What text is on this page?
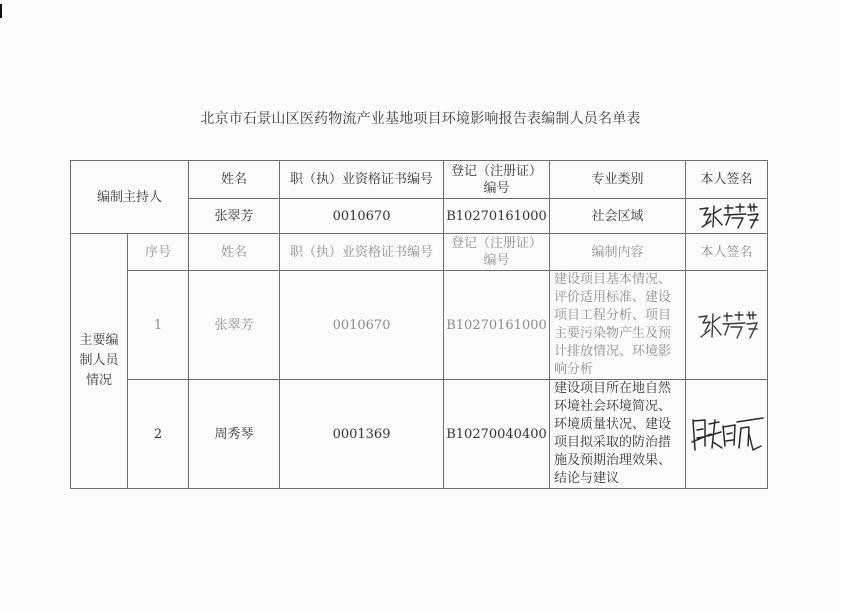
北京市石景山区医药物流产业基地项目环境影响报告表编制人员名单表
编制主持人		姓名	职（执）业资格证书编号	登记（注册证）编号	专业类别	本人签名
		张翠芳	0010670	B10270161000	社会区域	

主要编制人员情况	序号	姓名	职（执）业资格证书编号	登记（注册证）编号	编制内容	本人签名
	1	张翠芳	0010670	B10270161000	建设项目基本情况、评价适用标准、建设项目工程分析、项目主要污染物产生及预计排放情况、环境影响分析	

	2	周秀琴	0001369	B10270040400	建设项目所在地自然环境社会环境简况、环境质量状况、建设项目拟采取的防治措施及预期治理效果、结论与建议	
